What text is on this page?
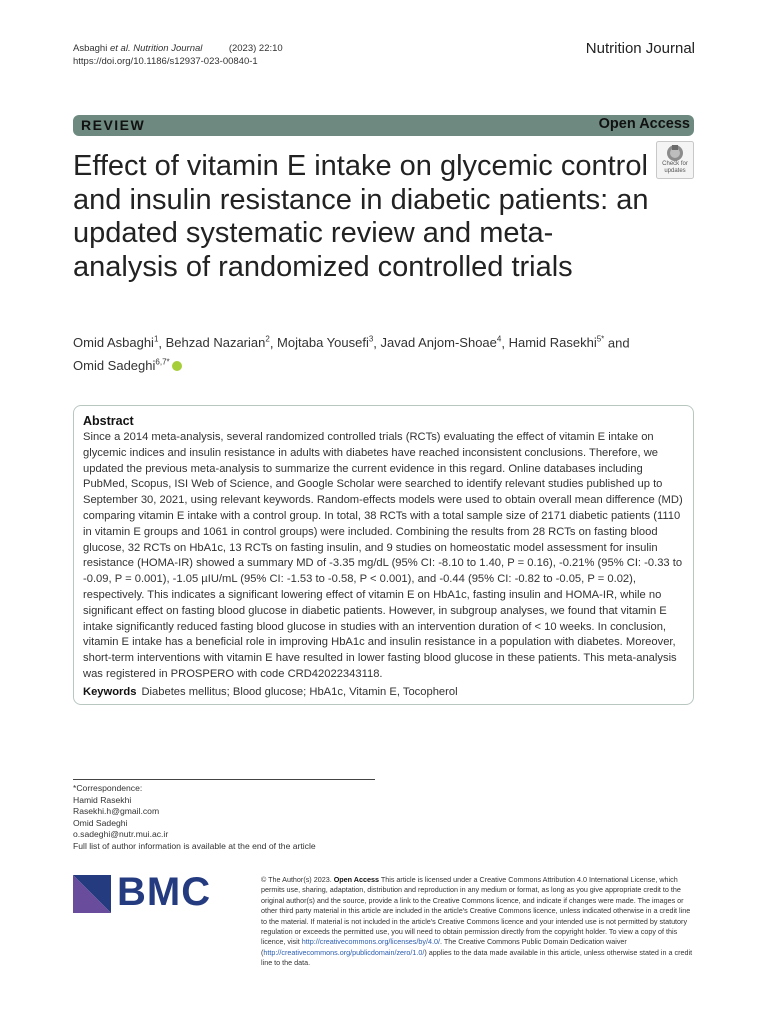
Asbaghi et al. Nutrition Journal	(2023) 22:10
https://doi.org/10.1186/s12937-023-00840-1
Nutrition Journal
REVIEW	Open Access
Check for
updates
Effect of vitamin E intake on glycemic control and insulin resistance in diabetic patients: an updated systematic review and meta-analysis of randomized controlled trials
Omid Asbaghi$^1$, Behzad Nazarian$^2$, Mojtaba Yousefi$^3$, Javad Anjom-Shoae$^4$, Hamid Rasekhi$^{5*}$ and
Omid Sadeghi$^{6,7*}$
Abstract

Since a 2014 meta-analysis, several randomized controlled trials (RCTs) evaluating the effect of vitamin E intake on glycemic indices and insulin resistance in adults with diabetes have reached inconsistent conclusions. Therefore, we updated the previous meta-analysis to summarize the current evidence in this regard. Online databases including PubMed, Scopus, ISI Web of Science, and Google Scholar were searched to identify relevant studies published up to September 30, 2021, using relevant keywords. Random-effects models were used to obtain overall mean difference (MD) comparing vitamin E intake with a control group. In total, 38 RCTs with a total sample size of 2171 diabetic patients (1110 in vitamin E groups and 1061 in control groups) were included. Combining the results from 28 RCTs on fasting blood glucose, 32 RCTs on HbA1c, 13 RCTs on fasting insulin, and 9 studies on homeostatic model assessment for insulin resistance (HOMA-IR) showed a summary MD of -3.35 mg/dL (95% CI: -8.10 to 1.40, P = 0.16), -0.21% (95% CI: -0.33 to -0.09, P = 0.001), -1.05 µIU/mL (95% CI: -1.53 to -0.58, P < 0.001), and -0.44 (95% CI: -0.82 to -0.05, P = 0.02), respectively. This indicates a significant lowering effect of vitamin E on HbA1c, fasting insulin and HOMA-IR, while no significant effect on fasting blood glucose in diabetic patients. However, in subgroup analyses, we found that vitamin E intake significantly reduced fasting blood glucose in studies with an intervention duration of < 10 weeks. In conclusion, vitamin E intake has a beneficial role in improving HbA1c and insulin resistance in a population with diabetes. Moreover, short-term interventions with vitamin E have resulted in lower fasting blood glucose in these patients. This meta-analysis was registered in PROSPERO with code CRD42022343118.

Keywords Diabetes mellitus; Blood glucose; HbA1c, Vitamin E, Tocopherol
*Correspondence:
Hamid Rasekhi
Rasekhi.h@gmail.com
Omid Sadeghi
o.sadeghi@nutr.mui.ac.ir
Full list of author information is available at the end of the article
BMC	© The Author(s) 2023. Open Access This article is licensed under a Creative Commons Attribution 4.0 International License, which permits use, sharing, adaptation, distribution and reproduction in any medium or format, as long as you give appropriate credit to the original author(s) and the source, provide a link to the Creative Commons licence, and indicate if changes were made. The images or other third party material in this article are included in the article's Creative Commons licence, unless indicated otherwise in a credit line to the material. If material is not included in the article's Creative Commons licence and your intended use is not permitted by statutory regulation or exceeds the permitted use, you will need to obtain permission directly from the copyright holder. To view a copy of this licence, visit http://creativecommons.org/licenses/by/4.0/. The Creative Commons Public Domain Dedication waiver (http://creativecommons.org/publicdomain/zero/1.0/) applies to the data made available in this article, unless otherwise stated in a credit line to the data.
